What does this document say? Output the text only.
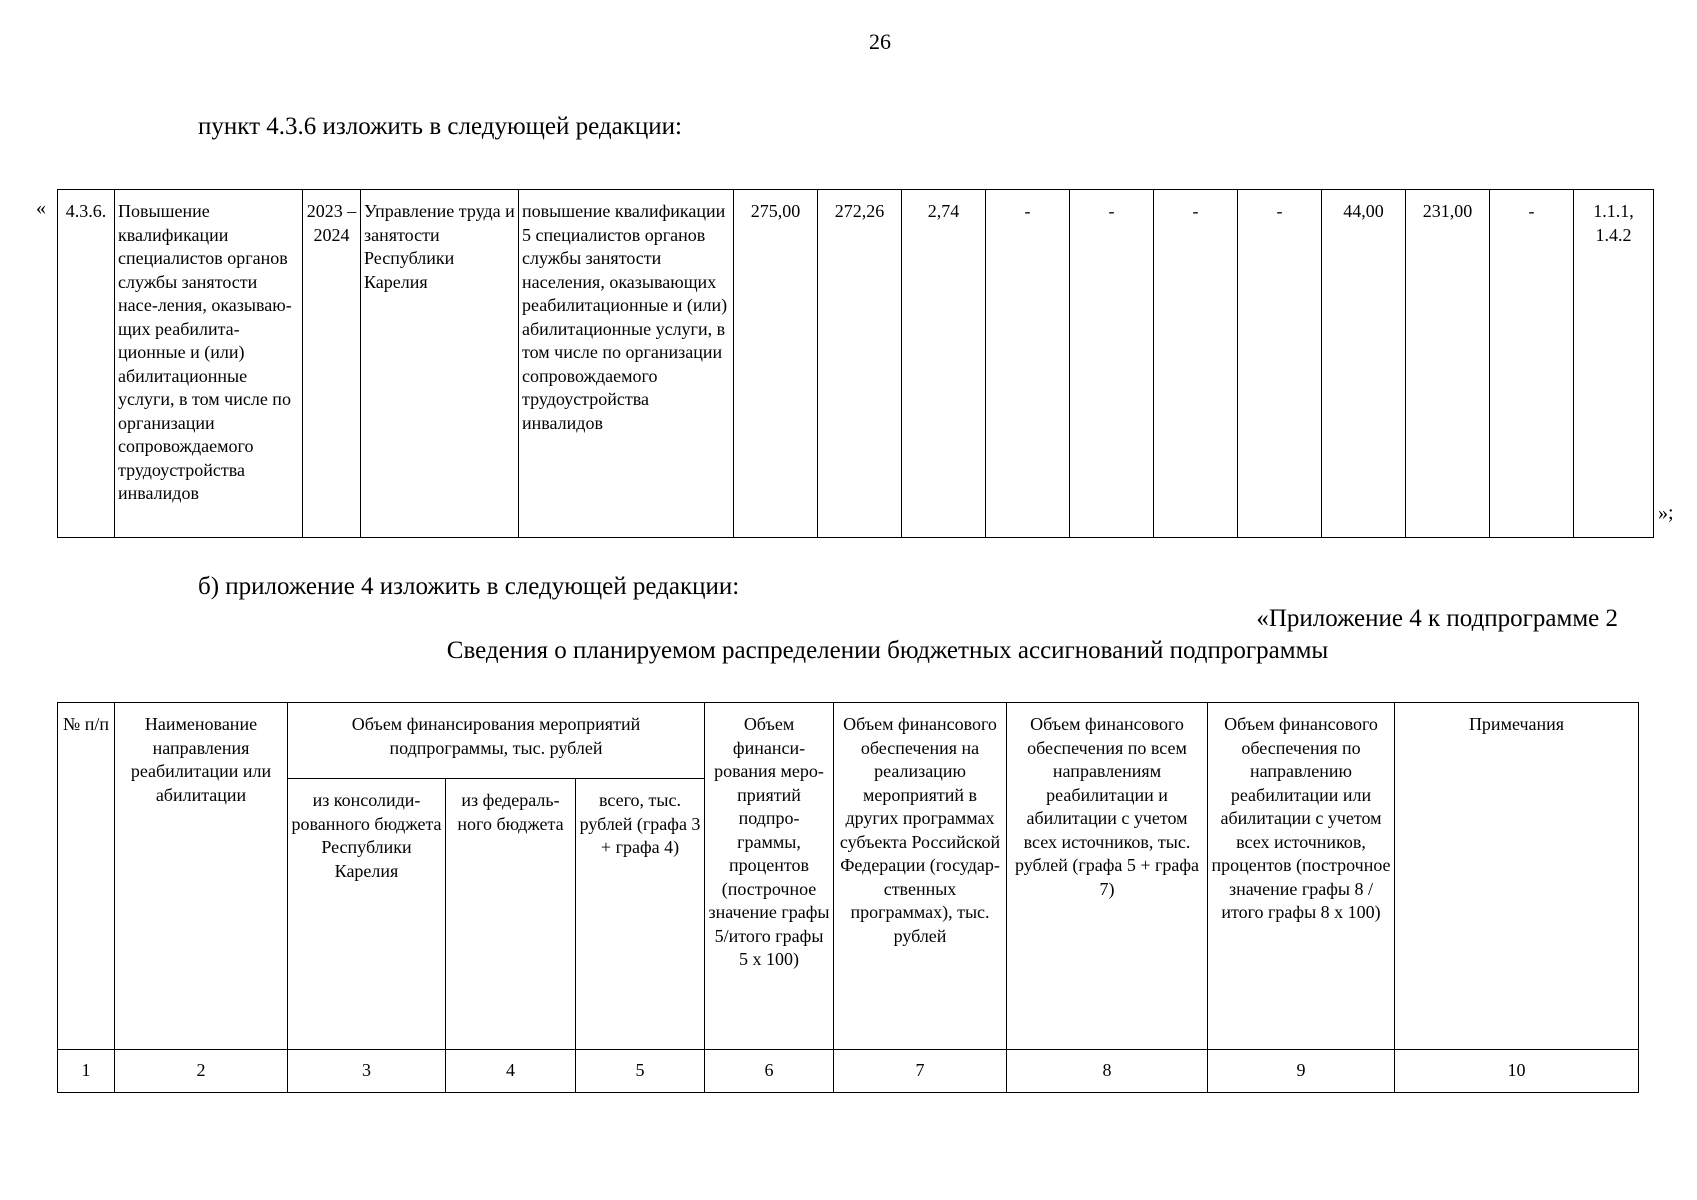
26
пункт 4.3.6 изложить в следующей редакции:
«
»;
4.3.6.	Повышение квалификации специалистов органов службы занятости насе-ления, оказываю-щих реабилита-ционные и (или) абилитационные услуги, в том числе по организации сопровождаемого трудоустройства инвалидов	2023 – 2024	Управление труда и занятости Республики Карелия	повышение квалификации 5 специалистов органов службы занятости населения, оказывающих реабилитационные и (или) абилитационные услуги, в том числе по организации сопровождаемого трудоустройства инвалидов	275,00	272,26	2,74	-	-	-	-	44,00	231,00	-	1.1.1, 1.4.2
б) приложение 4 изложить в следующей редакции:
«Приложение 4 к подпрограмме 2
Сведения о планируемом распределении бюджетных ассигнований подпрограммы
№ п/п	Наименование направления реабилитации или абилитации	Объем финансирования мероприятий подпрограммы, тыс. рублей			Объем финанси-рования меро-приятий подпро-граммы, процентов (построчное значение графы 5/итого графы 5 x 100)	Объем финансового обеспечения на реализацию мероприятий в других программах субъекта Российской Федерации (государ-ственных программах), тыс. рублей	Объем финансового обеспечения по всем направлениям реабилитации и абилитации с учетом всех источников, тыс. рублей (графа 5 + графа 7)	Объем финансового обеспечения по направлению реабилитации или абилитации с учетом всех источников, процентов (построчное значение графы 8 / итого графы 8 x 100)	Примечания
		из консолиди-рованного бюджета Республики Карелия	из федераль-ного бюджета	всего, тыс. рублей (графа 3 + графа 4)					
1	2	3	4	5	6	7	8	9	10
